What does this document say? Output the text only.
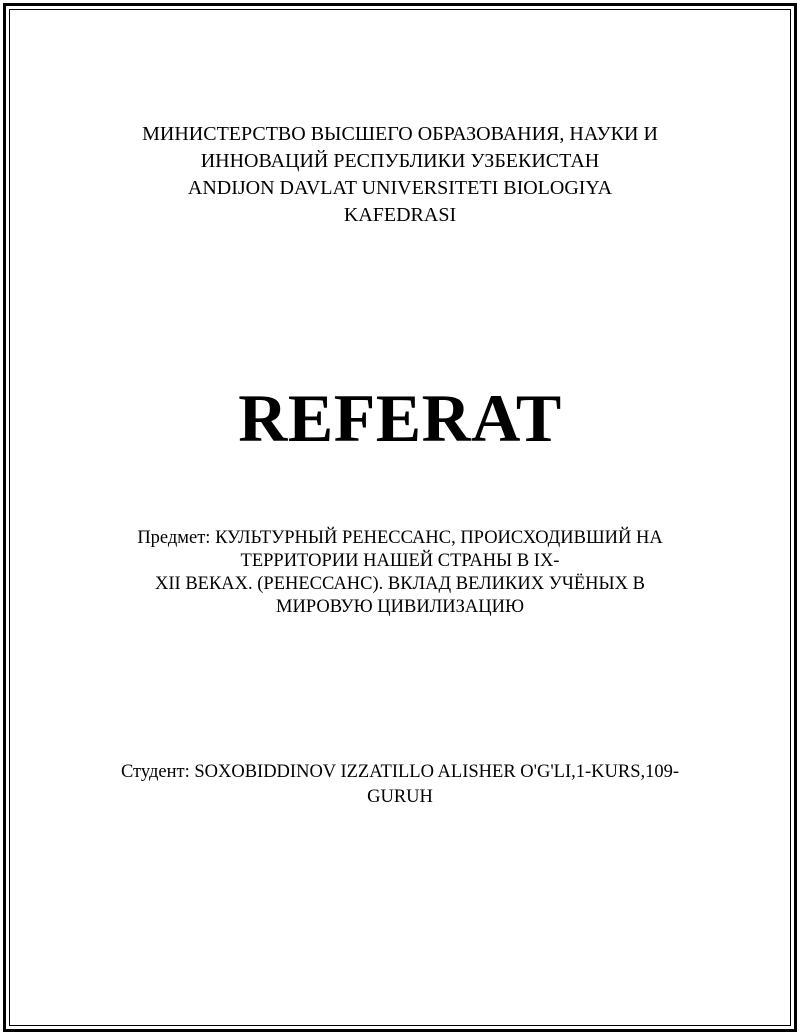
МИНИСТЕРСТВО ВЫСШЕГО ОБРАЗОВАНИЯ, НАУКИ И
ИННОВАЦИЙ РЕСПУБЛИКИ УЗБЕКИСТАН
ANDIJON DAVLAT UNIVERSITETI BIOLOGIYA
KAFEDRASI
REFERAT
Предмет: КУЛЬТУРНЫЙ РЕНЕССАНС, ПРОИСХОДИВШИЙ НА
ТЕРРИТОРИИ НАШЕЙ СТРАНЫ В IX-
XII ВЕКАХ. (РЕНЕССАНС). ВКЛАД ВЕЛИКИХ УЧЁНЫХ В
МИРОВУЮ ЦИВИЛИЗАЦИЮ
Студент: SOXOBIDDINOV IZZATILLO ALISHER O'G'LI,1-KURS,109-
GURUH
